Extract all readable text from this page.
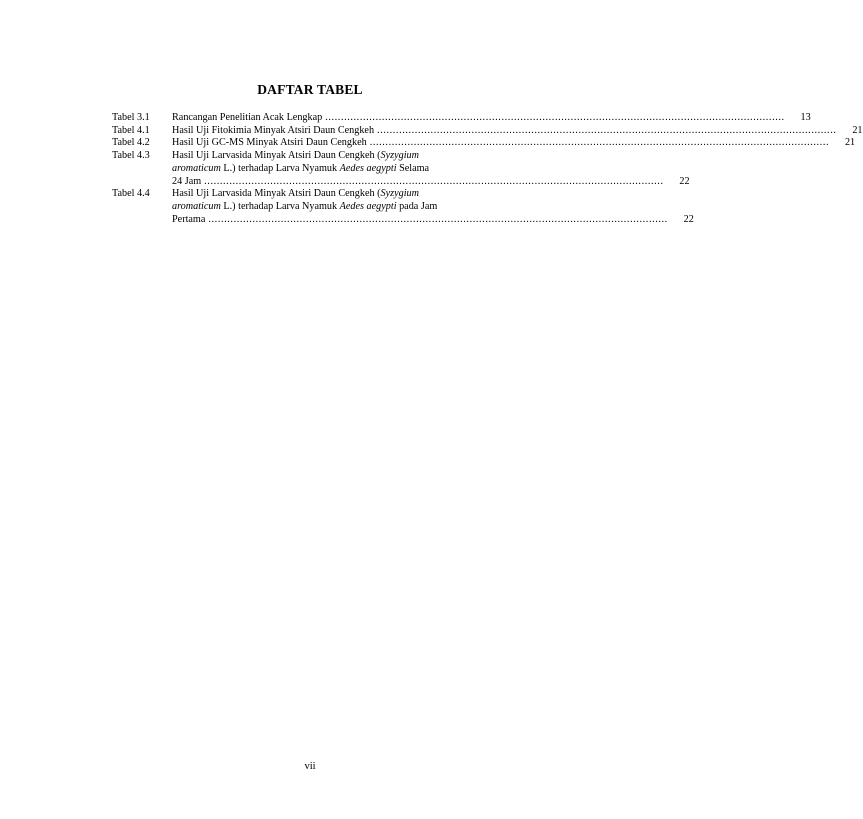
DAFTAR TABEL
Tabel 3.1	Rancangan Penelitian Acak Lengkap ..................................................................................................................................................	13
Tabel 4.1	Hasil Uji Fitokimia Minyak Atsiri Daun Cengkeh ..................................................................................................................................................	21
Tabel 4.2	Hasil Uji GC-MS Minyak Atsiri Daun Cengkeh ..................................................................................................................................................	21
Tabel 4.3	Hasil Uji Larvasida Minyak Atsiri Daun Cengkeh (Syzygium
aromaticum L.) terhadap Larva Nyamuk Aedes aegypti Selama
24 Jam ..................................................................................................................................................	22
Tabel 4.4	Hasil Uji Larvasida Minyak Atsiri Daun Cengkeh (Syzygium
aromaticum L.) terhadap Larva Nyamuk Aedes aegypti pada Jam
Pertama ..................................................................................................................................................	22
vii
